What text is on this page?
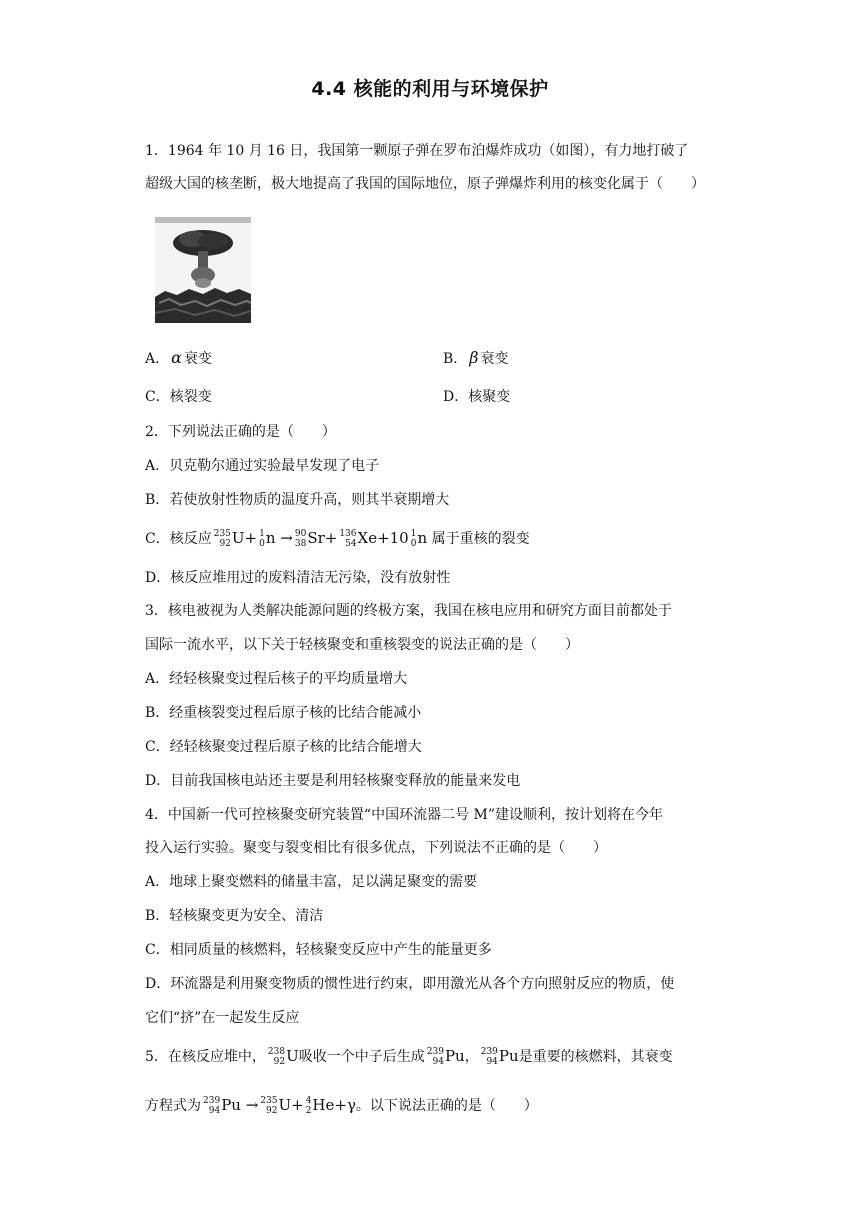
4.4 核能的利用与环境保护
1．1964 年 10 月 16 日，我国第一颗原子弹在罗布泊爆炸成功（如图），有力地打破了
超级大国的核垄断，极大地提高了我国的国际地位，原子弹爆炸利用的核变化属于（　　）
A． α 衰变	B． β 衰变
C．核裂变	D．核聚变
2．下列说法正确的是（　　）
A．贝克勒尔通过实验最早发现了电子
B．若使放射性物质的温度升高，则其半衰期增大
C．核反应 235
92 U+ 1
0 n → 90
38 Sr+ 136
54 Xe+10 1
0 n 属于重核的裂变
D．核反应堆用过的废料清洁无污染，没有放射性
3．核电被视为人类解决能源问题的终极方案，我国在核电应用和研究方面目前都处于
国际一流水平，以下关于轻核聚变和重核裂变的说法正确的是（　　）
A．经轻核聚变过程后核子的平均质量增大
B．经重核裂变过程后原子核的比结合能减小
C．经轻核聚变过程后原子核的比结合能增大
D．目前我国核电站还主要是利用轻核聚变释放的能量来发电
4．中国新一代可控核聚变研究装置“中国环流器二号 M”建设顺利，按计划将在今年
投入运行实验。聚变与裂变相比有很多优点，下列说法不正确的是（　　）
A．地球上聚变燃料的储量丰富，足以满足聚变的需要
B．轻核聚变更为安全、清洁
C．相同质量的核燃料，轻核聚变反应中产生的能量更多
D．环流器是利用聚变物质的惯性进行约束，即用激光从各个方向照射反应的物质，使
它们“挤”在一起发生反应
5．在核反应堆中， 238
92 U吸收一个中子后生成 239
94 Pu， 239
94 Pu是重要的核燃料，其衰变
方程式为 239
94 Pu → 235
92 U+ 4
2 He+γ。以下说法正确的是（　　）
